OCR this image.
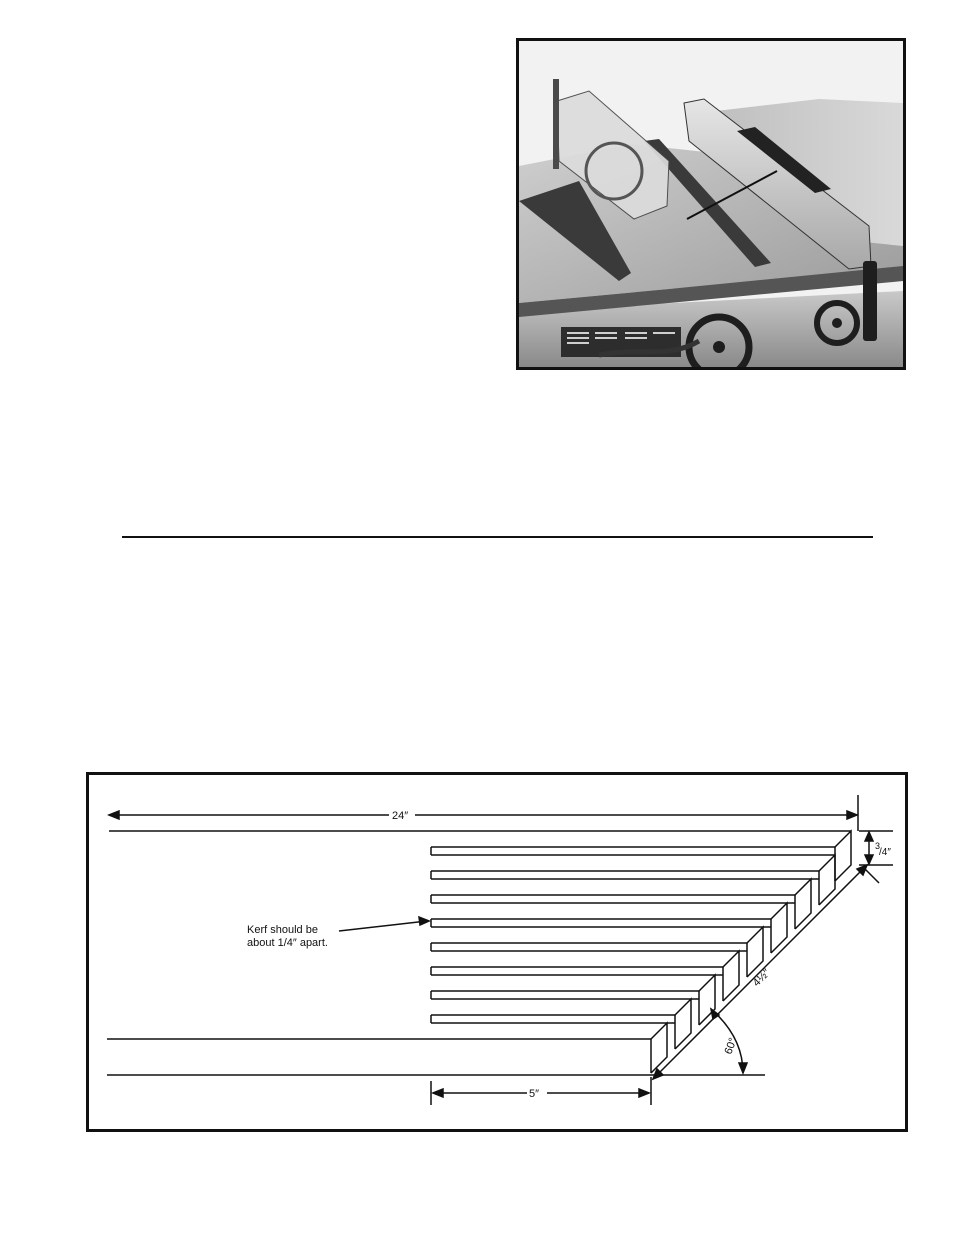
24″
3
/4″
4½″
60°
5″
Kerf should be
about 1/4″ apart.
